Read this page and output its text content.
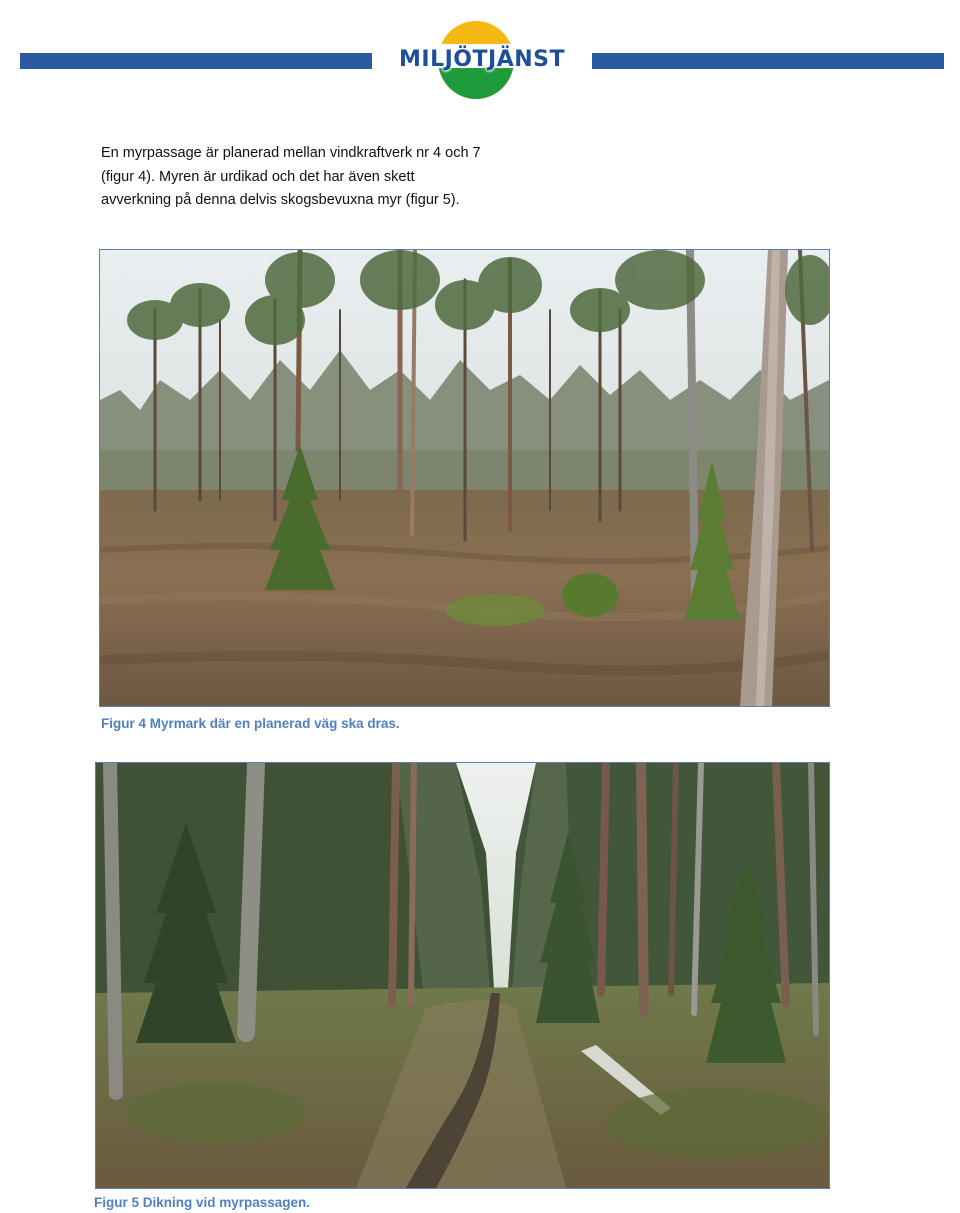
MILJÖTJÄNST

En myrpassage är planerad mellan vindkraftverk nr 4 och 7 (figur 4). Myren är urdikad och det har även skett avverkning på denna delvis skogsbevuxna myr (figur 5).

Figur 4 Myrmark där en planerad väg ska dras.

Figur 5 Dikning vid myrpassagen.
